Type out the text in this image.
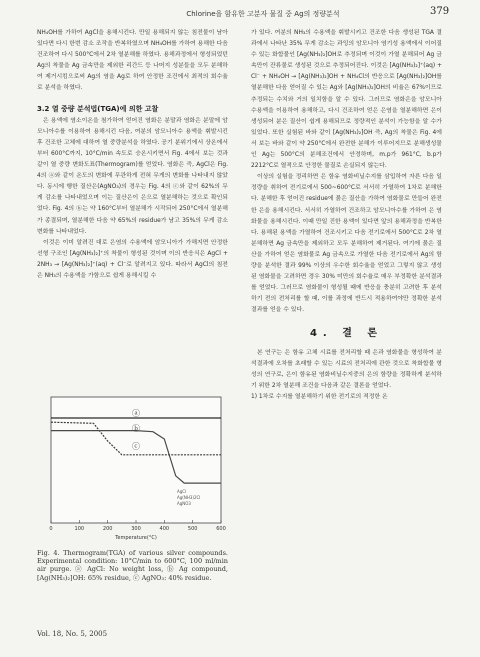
Chlorine을 함유한 고분자 물질 중 Ag의 정량분석	379

NH₄OH를 가하여 AgCl을 용해시킨다. 만일 용해되지 않는 침전물이 남아 있다면 다시 한번 감소 조작을 반복하였으며 NH₄OH를 가하여 용해한 다음 건조하여 다시 500°C에서 2차 열분해를 하였다. 용해과정에서 형성되었던 Ag의 착물을 Ag 금속만을 제외한 리간드 등 나머지 성분들을 모두 분해하여 제거시킴으로써 Ag의 염을 Ag로 하여 안정한 조건에서 최적의 회수율로 분석을 하였다.

3.2 열 중량 분석법(TGA)에 의한 고찰

은 용액에 염소이온을 첨가하여 얻어진 염화은 분말과 염화은 분말에 암모니아수를 이용하여 용해시킨 다음, 여분의 암모니아수 용액을 휘발시킨 후 건조한 고체에 대하여 열 중량분석을 하였다. 공기 분위기에서 상온에서부터 600°C까지, 10°C/min 속도로 승온시키면서 Fig. 4에서 보는 것과 같이 열 중량 변화도표(Thermogram)를 얻었다. 염화은 즉, AgCl은 Fig. 4의 ⓐ와 같이 온도의 변화에 무관하게 전혀 무게의 변화를 나타내지 않았다. 동시에 행한 질산은(AgNO₃)의 경우는 Fig. 4의 ⓒ와 같이 62%의 무게 감소를 나타내었으며 이는 질산은이 은으로 열분해하는 것으로 확인되었다. Fig. 4의 ⓑ는 약 160°C부터 열분해가 시작되어 250°C에서 열분해가 종결되며, 열분해한 다음 약 65%의 residue가 남고 35%의 무게 감소 변화를 나타내었다.

이것은 이미 알려진 대로 은염의 수용액에 암모니아가 가해지면 안정한 선형 구조인 [Ag(NH₃)₂]⁺의 착물이 형성된 것이며 이의 반응식은 AgCl + 2NH₃ → [Ag(NH₃)₂]⁺(aq) + Cl⁻로 알려지고 있다. 따라서 AgCl의 침전은 NH₃의 수용액을 가함으로 쉽게 용해시킬 수

ⓐ
ⓑ
ⓒ
AgCl
Ag(NH3)2Cl
AgNO3
Temperature(°C)
0	100	200	300	400	500	600
Fig. 4. Thermogram(TGA) of various silver compounds. Experimental condition: 10°C/min to 600°C, 100 ml/min air purge. ⓐ AgCl: No weight loss, ⓑ Ag compound, [Ag(NH₃)₂]OH: 65% residue, ⓒ AgNO₃: 40% residue.

가 있다. 여분의 NH₃의 수용액을 휘발시키고 건조한 다음 생성된 TGA 결과에서 나타난 35% 무게 감소는 과잉의 암모니아 염기성 용액에서 이어질 수 있는 화합물인 [Ag(NH₃)₂]OH로 추정되며 이것이 가열 분해되어 Ag 금속만이 잔류물로 생성된 것으로 추정되어진다. 이것은 [Ag(NH₃)₂]⁺(aq) + Cl⁻ + NH₄OH → [Ag(NH₃)₂]OH + NH₄Cl의 반응으로 [Ag(NH₃)₂]OH를 열분해한 다음 얻어질 수 있는 Ag와 [Ag(NH₃)₂]OH의 비율은 67%이므로 추정되는 수치와 거의 일치함을 알 수 있다. 그러므로 염화은을 암모니아 수용액을 이용하여 용해하고, 다시 건조하여 얻은 은염을 열분해하면 은이 생성되어 분은 질산이 쉽게 용해되므로 정량적인 분석이 가능함을 알 수가 있었다. 또한 실험된 바와 같이 [Ag(NH₃)₂]OH 즉, Ag의 착물은 Fig. 4에서 보는 바와 같이 약 250°C에서 완전한 분해가 이루어지므로 분해생성물인 Ag는 500°C의 분해조건에서 안정하며, m.p가 961°C, b.p가 2212°C로 열적으로 안정한 물질로 손실되지 않는다.

이상의 실험을 정리하면 은 함유 염화비닐수지를 삼입하여 자른 다음 일정량을 취하여 전기로에서 500~600°C로 서서히 가열하여 1차로 분해한다. 분해한 후 얻어진 residue에 묽은 질산을 가하여 염화물로 만들어 완전한 은을 용해시킨다. 서서히 가열하여 건조하고 암모니아수를 가하여 은 염화물을 용해시킨다. 이때 만일 진한 용액이 있다면 앞의 용해과정을 반복한다. 용해된 용액을 가열하여 건조시키고 다음 전기로에서 500°C로 2차 열분해하면 Ag 금속만을 제외하고 모두 분해하여 제거된다. 여기에 묽은 질산을 가하여 얻은 염화물로 Ag 금속으로 가열한 다음 전기로에서 Ag의 함량을 분석한 결과 99% 이상의 우수한 회수율을 얻었고 그렇지 않고 생성된 염화물을 고려하면 경우 30% 미만의 회수율로 매우 부정확한 분석결과를 얻었다. 그러므로 염화물이 형성될 때에 반응을 충분히 고려한 후 분석하기 전의 전처리를 할 때, 이를 과정에 반드시 적용하여야만 정확한 분석결과를 얻을 수 있다.

4. 결 론

본 연구는 은 함유 고체 시료를 전처리할 때 은과 염화물을 형성하여 분석결과에 오차를 초래할 수 있는 시료의 전처리에 관한 것으로 착화합물 형성의 연구로, 은이 함유된 염화비닐수지중의 은의 함량을 정확하게 분석하기 위한 2차 열분해 조건을 다음과 같은 결론을 얻었다.

1) 1차로 수지를 열분해하기 위한 전기로의 적정한 온

Vol. 18, No. 5, 2005
